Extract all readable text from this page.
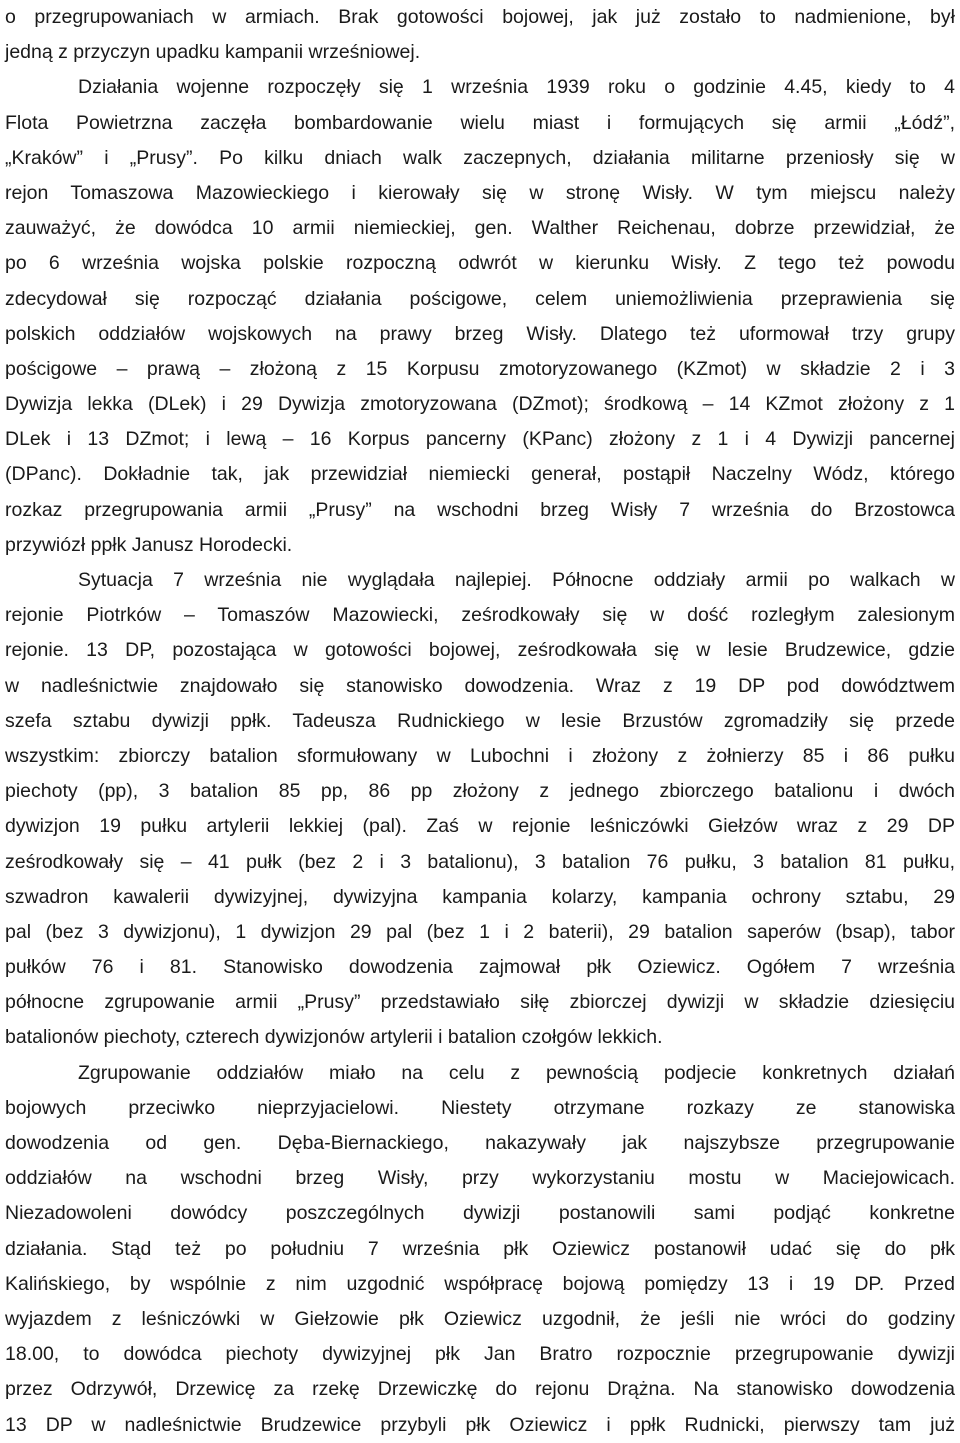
o przegrupowaniach w armiach. Brak gotowości bojowej, jak już zostało to nadmienione, był
jedną z przyczyn upadku kampanii wrześniowej.
Działania wojenne rozpoczęły się 1 września 1939 roku o godzinie 4.45, kiedy to 4
Flota Powietrzna zaczęła bombardowanie wielu miast i formujących się armii „Łódź”,
„Kraków” i „Prusy”. Po kilku dniach walk zaczepnych, działania militarne przeniosły się w
rejon Tomaszowa Mazowieckiego i kierowały się w stronę Wisły. W tym miejscu należy
zauważyć, że dowódca 10 armii niemieckiej, gen. Walther Reichenau, dobrze przewidział, że
po 6 września wojska polskie rozpoczną odwrót w kierunku Wisły. Z tego też powodu
zdecydował się rozpocząć działania pościgowe, celem uniemożliwienia przeprawienia się
polskich oddziałów wojskowych na prawy brzeg Wisły. Dlatego też uformował trzy grupy
pościgowe – prawą – złożoną z 15 Korpusu zmotoryzowanego (KZmot) w składzie 2 i 3
Dywizja lekka (DLek) i 29 Dywizja zmotoryzowana (DZmot); środkową – 14 KZmot złożony z 1
DLek i 13 DZmot; i lewą – 16 Korpus pancerny (KPanc) złożony z 1 i 4 Dywizji pancernej
(DPanc). Dokładnie tak, jak przewidział niemiecki generał, postąpił Naczelny Wódz, którego
rozkaz przegrupowania armii „Prusy” na wschodni brzeg Wisły 7 września do Brzostowca
przywiózł ppłk Janusz Horodecki.
Sytuacja 7 września nie wyglądała najlepiej. Północne oddziały armii po walkach w
rejonie Piotrków – Tomaszów Mazowiecki, ześrodkowały się w dość rozległym zalesionym
rejonie. 13 DP, pozostająca w gotowości bojowej, ześrodkowała się w lesie Brudzewice, gdzie
w nadleśnictwie znajdowało się stanowisko dowodzenia. Wraz z 19 DP pod dowództwem
szefa sztabu dywizji ppłk. Tadeusza Rudnickiego w lesie Brzustów zgromadziły się przede
wszystkim: zbiorczy batalion sformułowany w Lubochni i złożony z żołnierzy 85 i 86 pułku
piechoty (pp), 3 batalion 85 pp, 86 pp złożony z jednego zbiorczego batalionu i dwóch
dywizjon 19 pułku artylerii lekkiej (pal). Zaś w rejonie leśniczówki Giełzów wraz z 29 DP
ześrodkowały się – 41 pułk (bez 2 i 3 batalionu), 3 batalion 76 pułku, 3 batalion 81 pułku,
szwadron kawalerii dywizyjnej, dywizyjna kampania kolarzy, kampania ochrony sztabu, 29
pal (bez 3 dywizjonu), 1 dywizjon 29 pal (bez 1 i 2 baterii), 29 batalion saperów (bsap), tabor
pułków 76 i 81. Stanowisko dowodzenia zajmował płk Oziewicz. Ogółem 7 września
północne zgrupowanie armii „Prusy” przedstawiało siłę zbiorczej dywizji w składzie dziesięciu
batalionów piechoty, czterech dywizjonów artylerii i batalion czołgów lekkich.
Zgrupowanie oddziałów miało na celu z pewnością podjecie konkretnych działań
bojowych przeciwko nieprzyjacielowi. Niestety otrzymane rozkazy ze stanowiska
dowodzenia od gen. Dęba-Biernackiego, nakazywały jak najszybsze przegrupowanie
oddziałów na wschodni brzeg Wisły, przy wykorzystaniu mostu w Maciejowicach.
Niezadowoleni dowódcy poszczególnych dywizji postanowili sami podjąć konkretne
działania. Stąd też po południu 7 września płk Oziewicz postanowił udać się do płk
Kalińskiego, by wspólnie z nim uzgodnić współpracę bojową pomiędzy 13 i 19 DP. Przed
wyjazdem z leśniczówki w Giełzowie płk Oziewicz uzgodnił, że jeśli nie wróci do godziny
18.00, to dowódca piechoty dywizyjnej płk Jan Bratro rozpocznie przegrupowanie dywizji
przez Odrzywół, Drzewicę za rzekę Drzewiczkę do rejonu Drążna. Na stanowisko dowodzenia
13 DP w nadleśnictwie Brudzewice przybyli płk Oziewicz i ppłk Rudnicki, pierwszy tam już
